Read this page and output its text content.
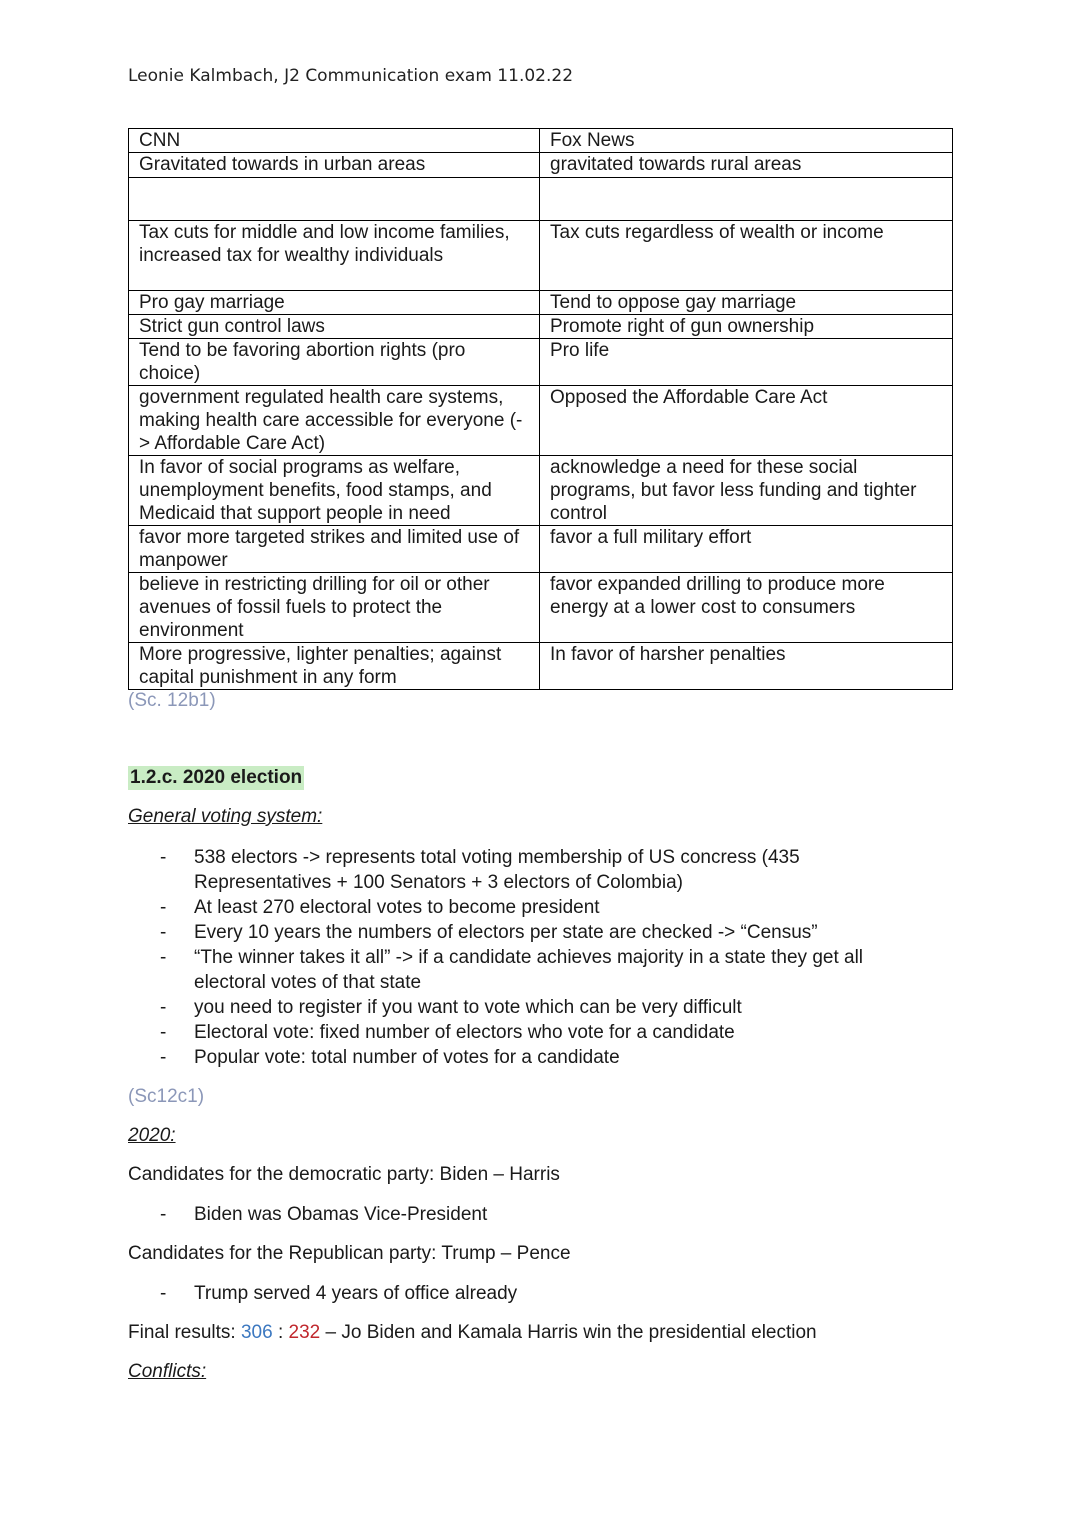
Leonie Kalmbach, J2 Communication exam 11.02.22
CNN	Fox News
Gravitated towards in urban areas	gravitated towards rural areas

Tax cuts for middle and low income families, increased tax for wealthy individuals	Tax cuts regardless of wealth or income
Pro gay marriage	Tend to oppose gay marriage
Strict gun control laws	Promote right of gun ownership
Tend to be favoring abortion rights (pro choice)	Pro life
government regulated health care systems, making health care accessible for everyone (-> Affordable Care Act)	Opposed the Affordable Care Act
In favor of social programs as welfare, unemployment benefits, food stamps, and Medicaid that support people in need	acknowledge a need for these social programs, but favor less funding and tighter control
favor more targeted strikes and limited use of manpower	favor a full military effort
believe in restricting drilling for oil or other avenues of fossil fuels to protect the environment	favor expanded drilling to produce more energy at a lower cost to consumers
More progressive, lighter penalties; against capital punishment in any form	In favor of harsher penalties
(Sc. 12b1)
1.2.c. 2020 election
General voting system:
- 538 electors -> represents total voting membership of US concress (435 Representatives + 100 Senators + 3 electors of Colombia)
- At least 270 electoral votes to become president
- Every 10 years the numbers of electors per state are checked -> “Census”
- “The winner takes it all” -> if a candidate achieves majority in a state they get all electoral votes of that state
- you need to register if you want to vote which can be very difficult
- Electoral vote: fixed number of electors who vote for a candidate
- Popular vote: total number of votes for a candidate
(Sc12c1)
2020:
Candidates for the democratic party: Biden – Harris
- Biden was Obamas Vice-President
Candidates for the Republican party: Trump – Pence
- Trump served 4 years of office already
Final results: 306 : 232 – Jo Biden and Kamala Harris win the presidential election
Conflicts:
